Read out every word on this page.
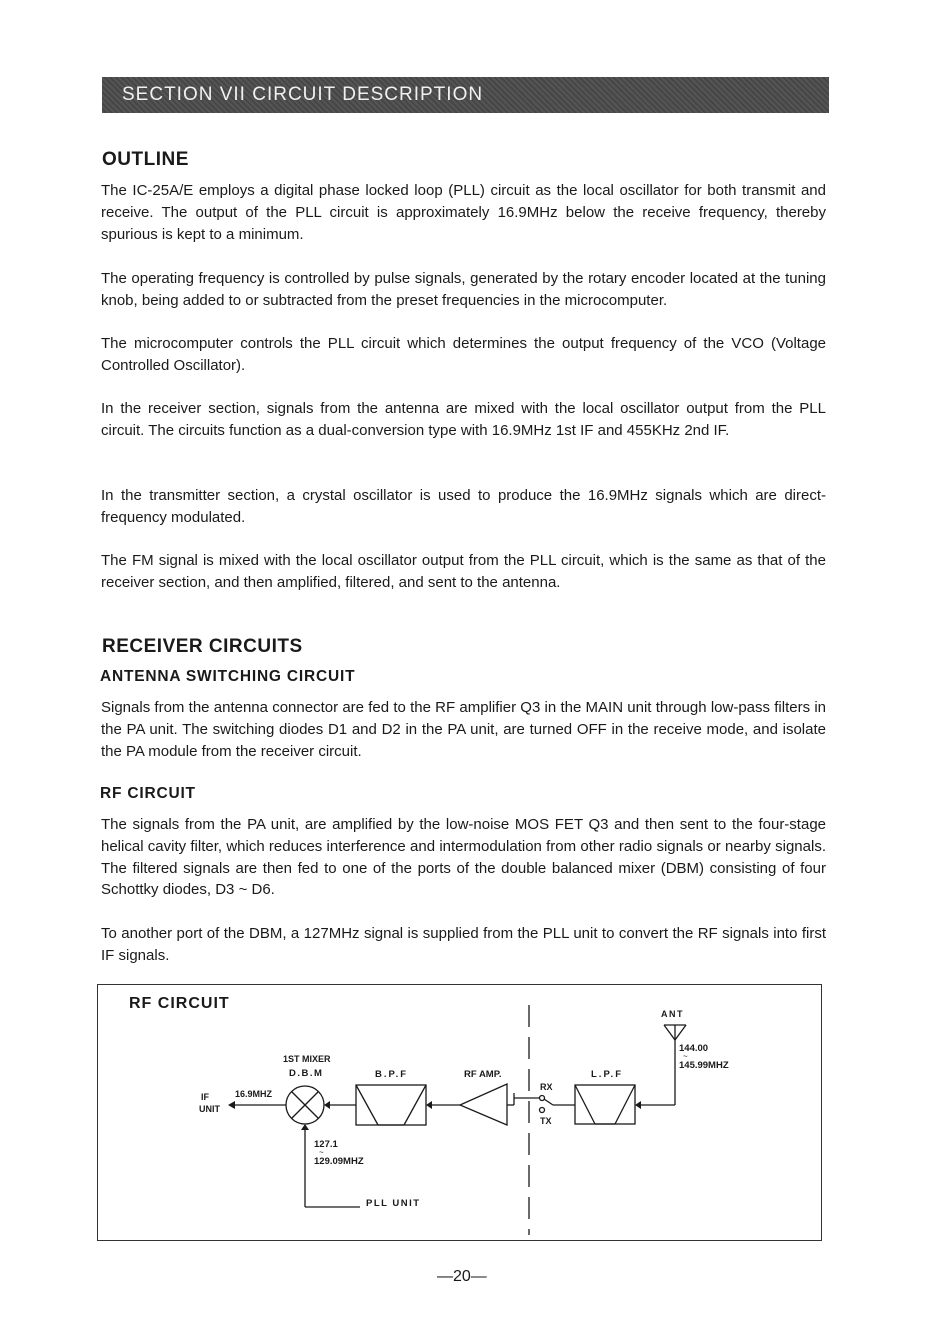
SECTION VII CIRCUIT DESCRIPTION
OUTLINE

The IC-25A/E employs a digital phase locked loop (PLL) circuit as the local oscillator for both transmit and receive. The output of the PLL circuit is approximately 16.9MHz below the receive frequency, thereby spurious is kept to a minimum.

The operating frequency is controlled by pulse signals, generated by the rotary encoder located at the tuning knob, being added to or subtracted from the preset frequencies in the microcomputer.

The microcomputer controls the PLL circuit which determines the output frequency of the VCO (Voltage Controlled Oscillator).

In the receiver section, signals from the antenna are mixed with the local oscillator output from the PLL circuit. The circuits function as a dual-conversion type with 16.9MHz 1st IF and 455KHz 2nd IF.

In the transmitter section, a crystal oscillator is used to produce the 16.9MHz signals which are direct-frequency modulated.

The FM signal is mixed with the local oscillator output from the PLL circuit, which is the same as that of the receiver section, and then amplified, filtered, and sent to the antenna.

RECEIVER CIRCUITS
ANTENNA SWITCHING CIRCUIT

Signals from the antenna connector are fed to the RF amplifier Q3 in the MAIN unit through low-pass filters in the PA unit. The switching diodes D1 and D2 in the PA unit, are turned OFF in the receive mode, and isolate the PA module from the receiver circuit.

RF CIRCUIT

The signals from the PA unit, are amplified by the low-noise MOS FET Q3 and then sent to the four-stage helical cavity filter, which reduces interference and intermodulation from other radio signals or nearby signals. The filtered signals are then fed to one of the ports of the double balanced mixer (DBM) consisting of four Schottky diodes, D3 ~ D6.

To another port of the DBM, a 127MHz signal is supplied from the PLL unit to convert the RF signals into first IF signals.

RF CIRCUIT
ANT
144.00
~
145.99MHZ
L.P.F
RX
TX
RF AMP.
B.P.F
1ST MIXER
D.B.M
16.9MHZ
IF
UNIT
PLL UNIT
127.1
~
129.09MHZ
—20—
